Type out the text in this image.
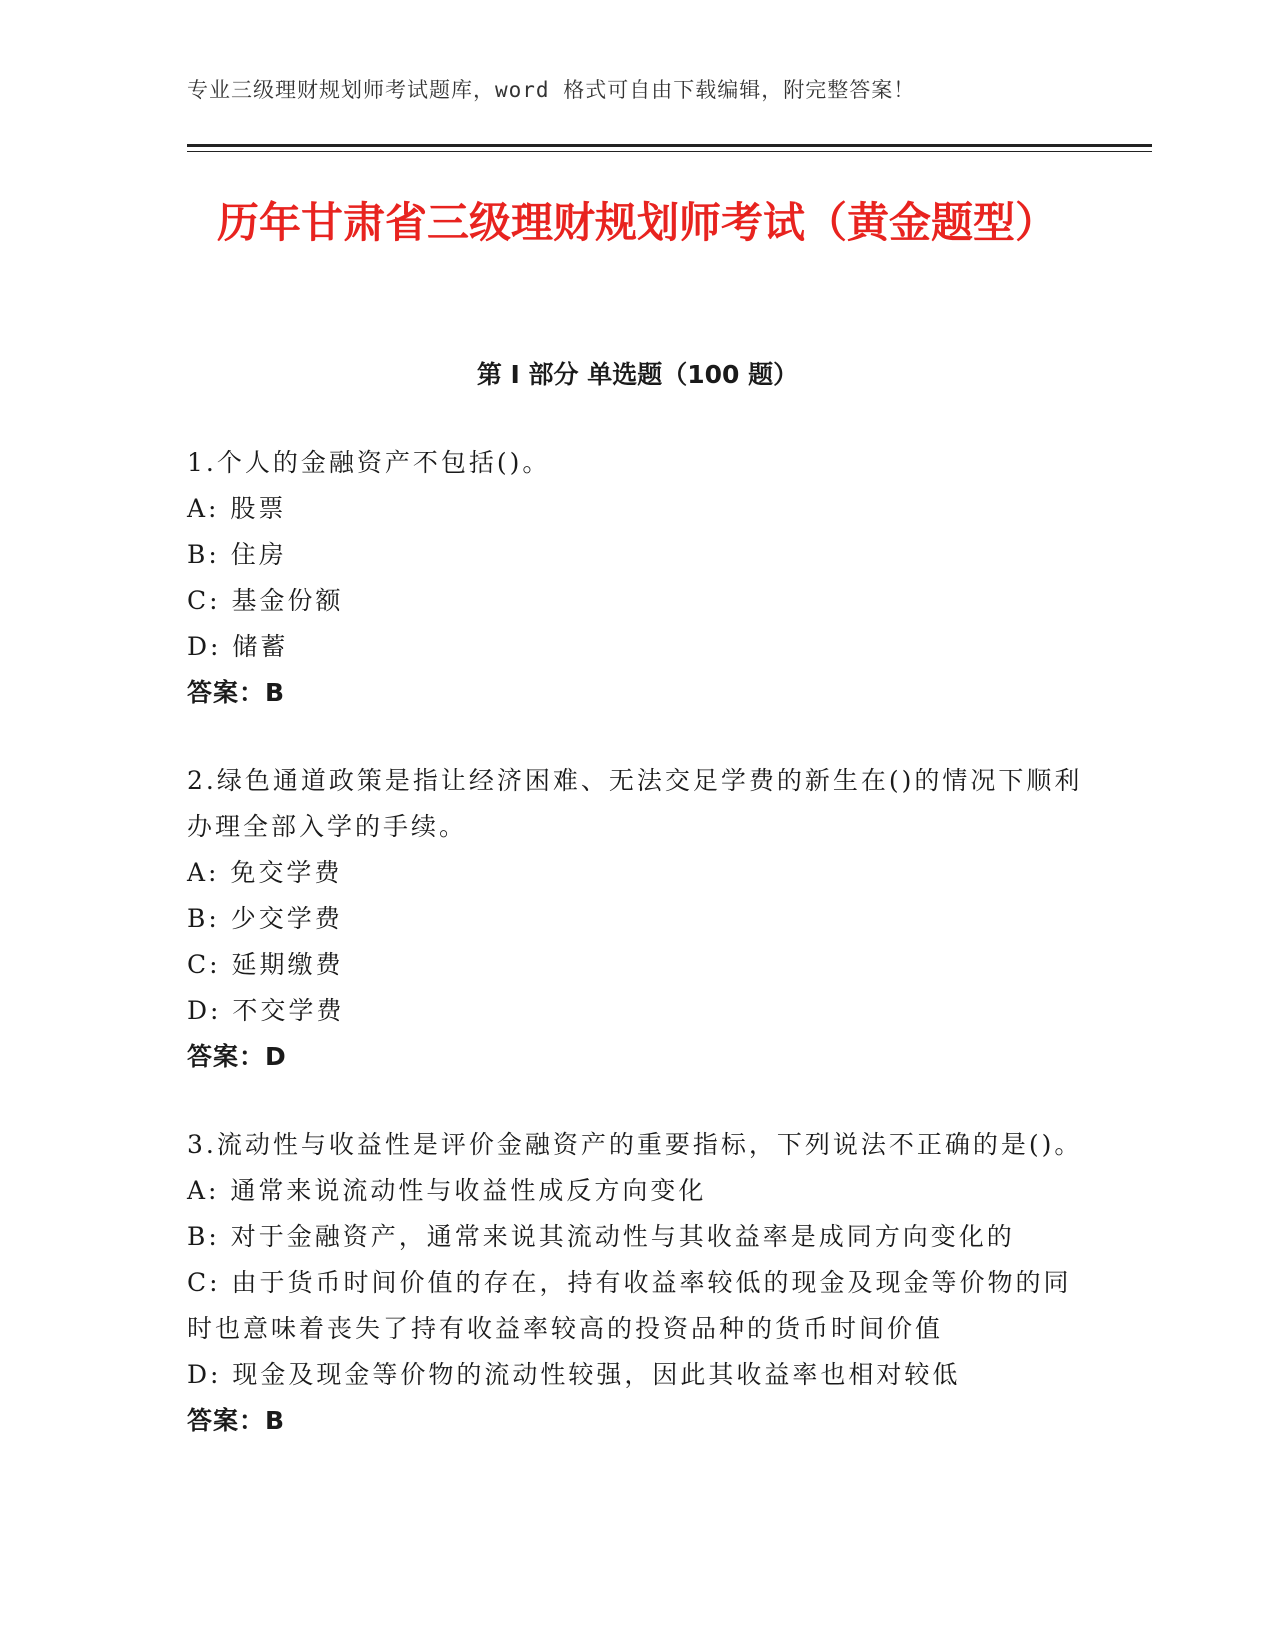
专业三级理财规划师考试题库，word 格式可自由下载编辑，附完整答案！
历年甘肃省三级理财规划师考试（黄金题型）
第 I 部分 单选题（100 题）
1.个人的金融资产不包括()。
A: 股票
B: 住房
C: 基金份额
D: 储蓄
答案：B
2.绿色通道政策是指让经济困难、无法交足学费的新生在()的情况下顺利办理全部入学的手续。
A: 免交学费
B: 少交学费
C: 延期缴费
D: 不交学费
答案：D
3.流动性与收益性是评价金融资产的重要指标，下列说法不正确的是()。
A: 通常来说流动性与收益性成反方向变化
B: 对于金融资产，通常来说其流动性与其收益率是成同方向变化的
C: 由于货币时间价值的存在，持有收益率较低的现金及现金等价物的同时也意味着丧失了持有收益率较高的投资品种的货币时间价值
D: 现金及现金等价物的流动性较强，因此其收益率也相对较低
答案：B
